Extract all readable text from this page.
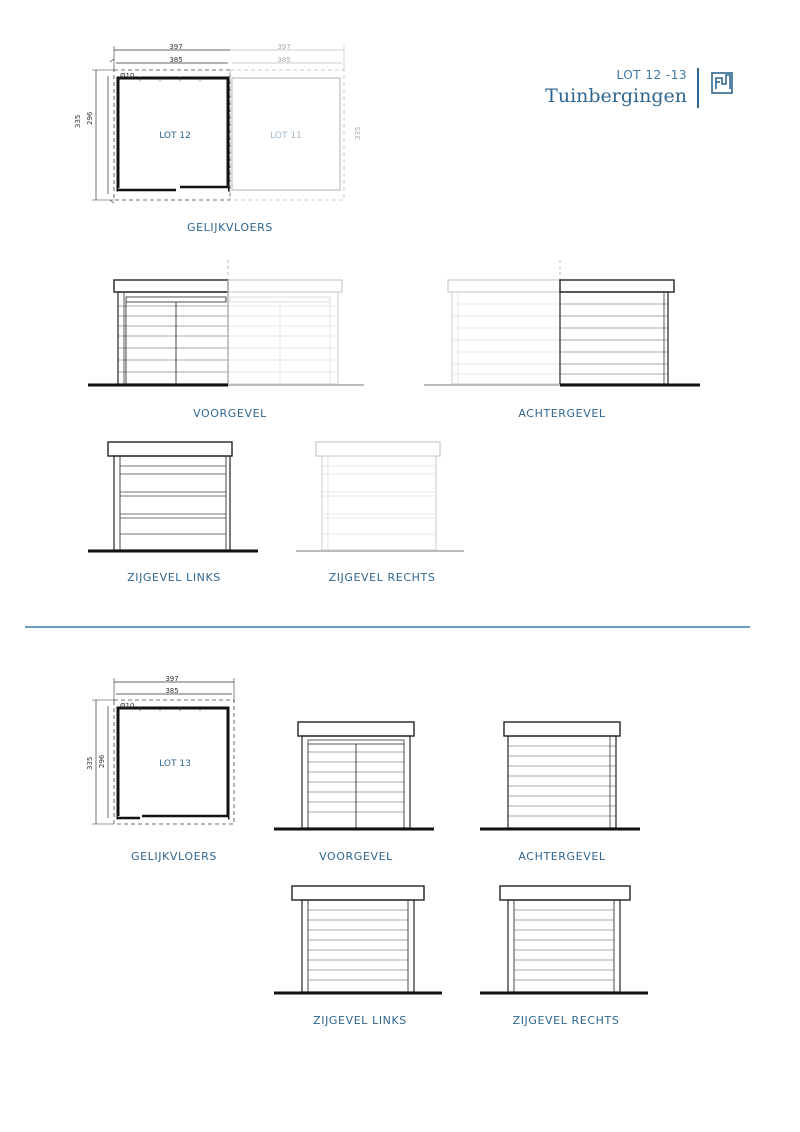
LOT 12 -13
Tuinbergingen
397
385
397
385
335 296
335
Ø10
LOT 12	LOT 11
GELIJKVLOERS
VOORGEVEL	ACHTERGEVEL
ZIJGEVEL LINKS	ZIJGEVEL RECHTS
397
385
335 296
Ø10
LOT 13
GELIJKVLOERS	VOORGEVEL	ACHTERGEVEL
ZIJGEVEL LINKS	ZIJGEVEL RECHTS
